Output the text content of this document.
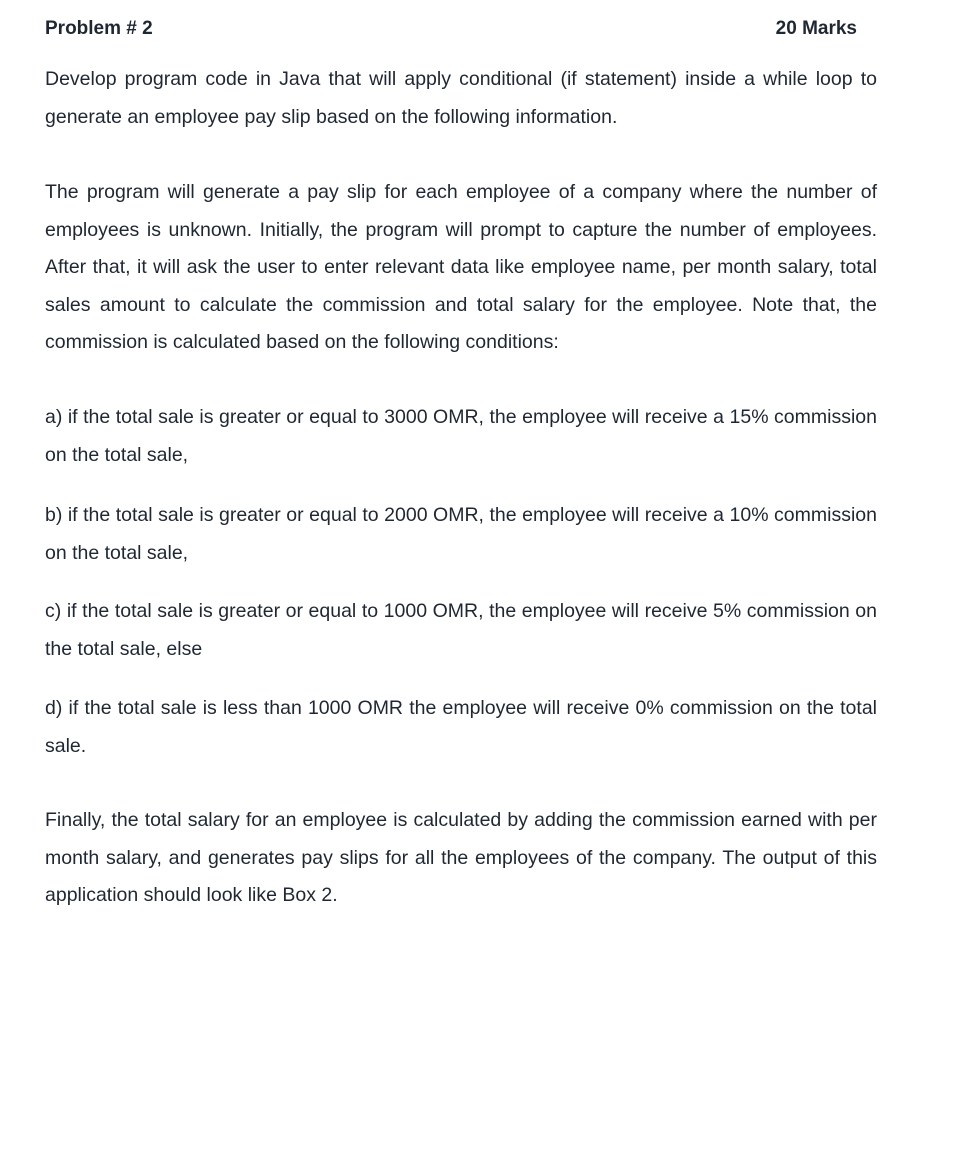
Problem # 2	20 Marks

Develop program code in Java that will apply conditional (if statement) inside a while loop to generate an employee pay slip based on the following information.

The program will generate a pay slip for each employee of a company where the number of employees is unknown. Initially, the program will prompt to capture the number of employees. After that, it will ask the user to enter relevant data like employee name, per month salary, total sales amount to calculate the commission and total salary for the employee. Note that, the commission is calculated based on the following conditions:

a) if the total sale is greater or equal to 3000 OMR, the employee will receive a 15% commission on the total sale,

b) if the total sale is greater or equal to 2000 OMR, the employee will receive a 10% commission on the total sale,

c) if the total sale is greater or equal to 1000 OMR, the employee will receive 5% commission on the total sale, else

d) if the total sale is less than 1000 OMR the employee will receive 0% commission on the total sale.

Finally, the total salary for an employee is calculated by adding the commission earned with per month salary, and generates pay slips for all the employees of the company. The output of this application should look like Box 2.
